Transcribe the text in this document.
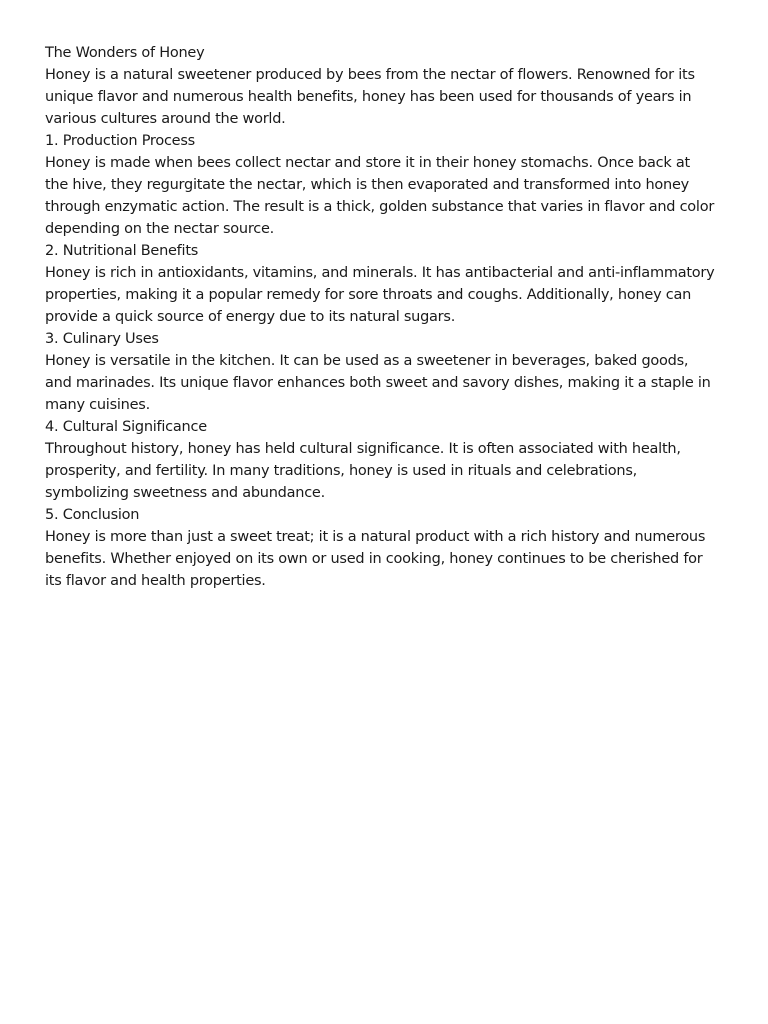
The Wonders of Honey

Honey is a natural sweetener produced by bees from the nectar of flowers. Renowned for its unique flavor and numerous health benefits, honey has been used for thousands of years in various cultures around the world.

1. Production Process

Honey is made when bees collect nectar and store it in their honey stomachs. Once back at the hive, they regurgitate the nectar, which is then evaporated and transformed into honey through enzymatic action. The result is a thick, golden substance that varies in flavor and color depending on the nectar source.

2. Nutritional Benefits

Honey is rich in antioxidants, vitamins, and minerals. It has antibacterial and anti-inflammatory properties, making it a popular remedy for sore throats and coughs. Additionally, honey can provide a quick source of energy due to its natural sugars.

3. Culinary Uses

Honey is versatile in the kitchen. It can be used as a sweetener in beverages, baked goods, and marinades. Its unique flavor enhances both sweet and savory dishes, making it a staple in many cuisines.

4. Cultural Significance

Throughout history, honey has held cultural significance. It is often associated with health, prosperity, and fertility. In many traditions, honey is used in rituals and celebrations, symbolizing sweetness and abundance.

5. Conclusion

Honey is more than just a sweet treat; it is a natural product with a rich history and numerous benefits. Whether enjoyed on its own or used in cooking, honey continues to be cherished for its flavor and health properties.
